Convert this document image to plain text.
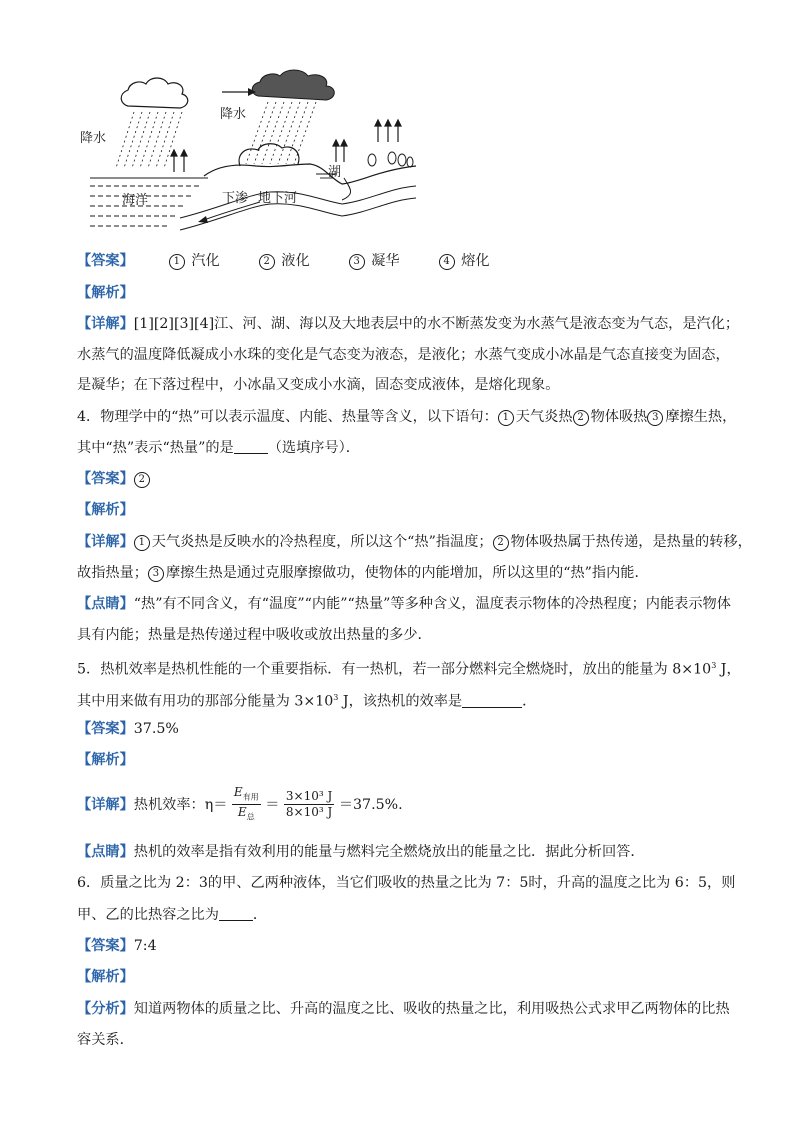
降水
降水
海洋
湖
下渗 地下河
【答案】	1 汽化	2 液化	3 凝华	4 熔化
【解析】
【详解】[1][2][3][4]江、河、湖、海以及大地表层中的水不断蒸发变为水蒸气是液态变为气态，是汽化；
水蒸气的温度降低凝成小水珠的变化是气态变为液态，是液化；水蒸气变成小冰晶是气态直接变为固态，
是凝华；在下落过程中，小冰晶又变成小水滴，固态变成液体，是熔化现象。
4．物理学中的“热”可以表示温度、内能、热量等含义，以下语句： 1 天气炎热 2 物体吸热 3 摩擦生热，
其中“热”表示“热量”的是 （选填序号）．
【答案】 2
【解析】
【详解】 1 天气炎热是反映水的冷热程度，所以这个“热”指温度； 2 物体吸热属于热传递，是热量的转移，
故指热量； 3 摩擦生热是通过克服摩擦做功，使物体的内能增加，所以这里的“热”指内能．
【点睛】“热”有不同含义，有“温度”“内能”“热量”等多种含义，温度表示物体的冷热程度；内能表示物体
具有内能；热量是热传递过程中吸收或放出热量的多少．
5．热机效率是热机性能的一个重要指标．有一热机，若一部分燃料完全燃烧时，放出的能量为 $8\times 10^3$ J，
其中用来做有用功的那部分能量为 $3\times 10^3$ J，该热机的效率是	．
【答案】37.5%
【解析】
【详解】热机效率：$\eta= \frac{E_{有用}}{E_总} = \frac{\text{3×10³ J}}{\text{8×10³ J}} =37.5\%$.
【点睛】热机的效率是指有效利用的能量与燃料完全燃烧放出的能量之比．据此分析回答．
6．质量之比为 2：3的甲、乙两种液体，当它们吸收的热量之比为 7：5时，升高的温度之比为 6：5，则
甲、乙的比热容之比为 ．
【答案】7:4
【解析】
【分析】知道两物体的质量之比、升高的温度之比、吸收的热量之比，利用吸热公式求甲乙两物体的比热
容关系．
